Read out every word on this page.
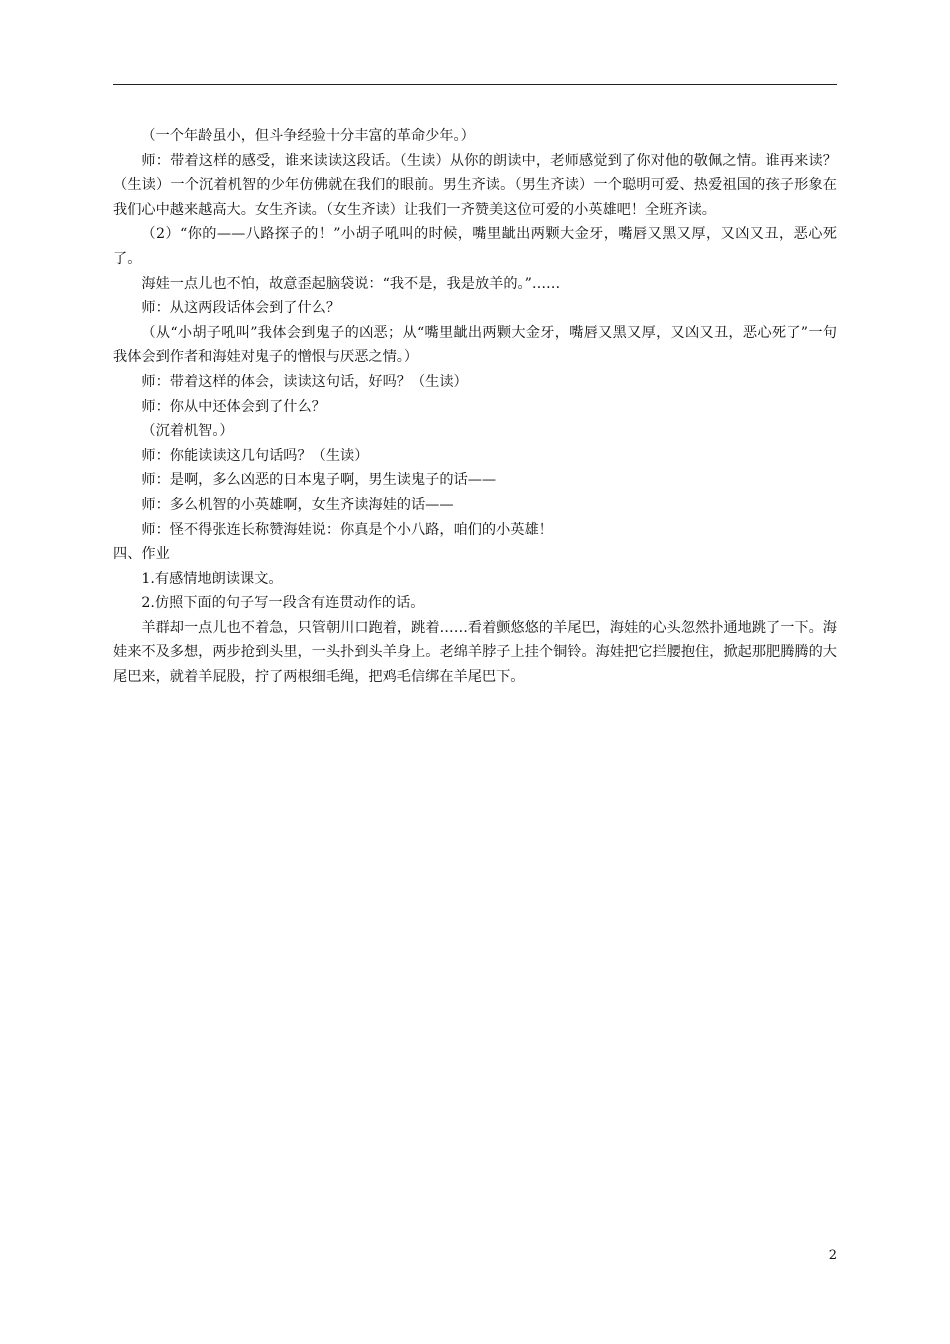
（一个年龄虽小，但斗争经验十分丰富的革命少年。）

师：带着这样的感受，谁来读读这段话。（生读）从你的朗读中，老师感觉到了你对他的敬佩之情。谁再来读？（生读）一个沉着机智的少年仿佛就在我们的眼前。男生齐读。（男生齐读）一个聪明可爱、热爱祖国的孩子形象在我们心中越来越高大。女生齐读。（女生齐读）让我们一齐赞美这位可爱的小英雄吧！全班齐读。

（2）“你的——八路探子的！”小胡子吼叫的时候，嘴里龇出两颗大金牙，嘴唇又黑又厚，又凶又丑，恶心死了。

海娃一点儿也不怕，故意歪起脑袋说：“我不是，我是放羊的。”……

师：从这两段话体会到了什么？

（从“小胡子吼叫”我体会到鬼子的凶恶；从“嘴里龇出两颗大金牙，嘴唇又黑又厚，又凶又丑，恶心死了”一句我体会到作者和海娃对鬼子的憎恨与厌恶之情。）

师：带着这样的体会，读读这句话，好吗？（生读）

师：你从中还体会到了什么？

（沉着机智。）

师：你能读读这几句话吗？（生读）

师：是啊，多么凶恶的日本鬼子啊，男生读鬼子的话——

师：多么机智的小英雄啊，女生齐读海娃的话——

师：怪不得张连长称赞海娃说：你真是个小八路，咱们的小英雄！

四、作业

1.有感情地朗读课文。

2.仿照下面的句子写一段含有连贯动作的话。

羊群却一点儿也不着急，只管朝川口跑着，跳着……看着颤悠悠的羊尾巴，海娃的心头忽然扑通地跳了一下。海娃来不及多想，两步抢到头里，一头扑到头羊身上。老绵羊脖子上挂个铜铃。海娃把它拦腰抱住，掀起那肥腾腾的大尾巴来，就着羊屁股，拧了两根细毛绳，把鸡毛信绑在羊尾巴下。

2
